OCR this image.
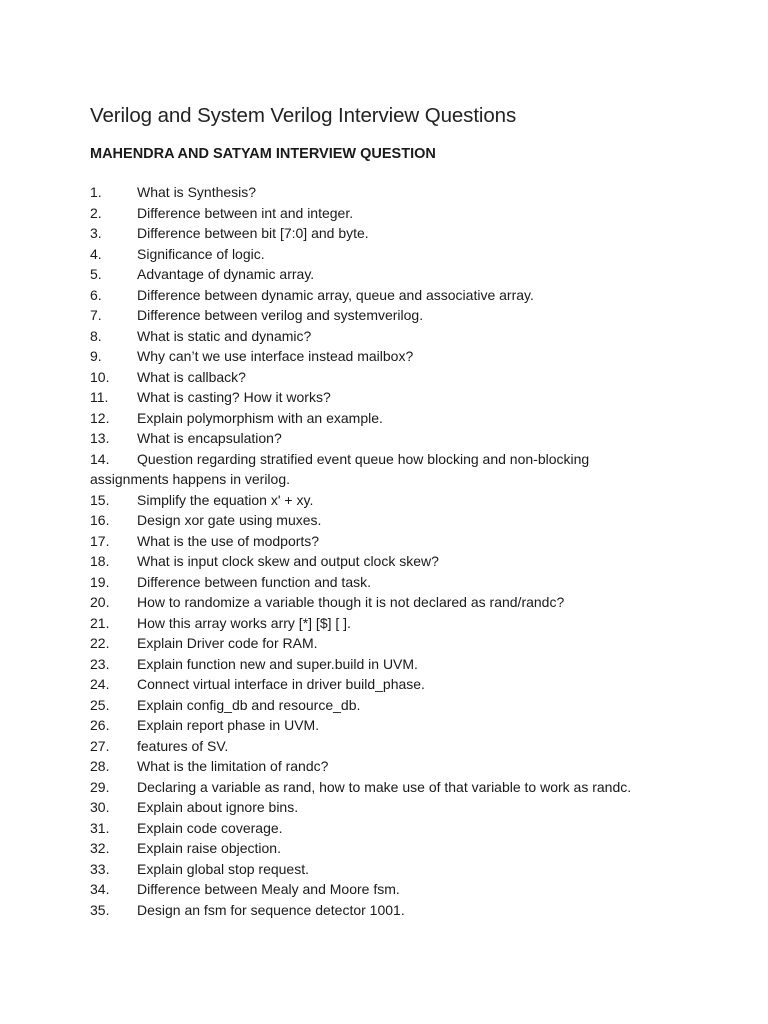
Verilog and System Verilog Interview Questions
MAHENDRA AND SATYAM INTERVIEW QUESTION
1.	What is Synthesis?
2.	Difference between int and integer.
3.	Difference between bit [7:0] and byte.
4.	Significance of logic.
5.	Advantage of dynamic array.
6.	Difference between dynamic array, queue and associative array.
7.	Difference between verilog and systemverilog.
8.	What is static and dynamic?
9.	Why can’t we use interface instead mailbox?
10.	What is callback?
11.	What is casting? How it works?
12.	Explain polymorphism with an example.
13.	What is encapsulation?
14.	Question regarding stratified event queue how blocking and non-blocking
assignments happens in verilog.
15.	Simplify the equation x' + xy.
16.	Design xor gate using muxes.
17.	What is the use of modports?
18.	What is input clock skew and output clock skew?
19.	Difference between function and task.
20.	How to randomize a variable though it is not declared as rand/randc?
21.	How this array works arry [*] [$] [ ].
22.	Explain Driver code for RAM.
23.	Explain function new and super.build in UVM.
24.	Connect virtual interface in driver build_phase.
25.	Explain config_db and resource_db.
26.	Explain report phase in UVM.
27.	features of SV.
28.	What is the limitation of randc?
29.	Declaring a variable as rand, how to make use of that variable to work as randc.
30.	Explain about ignore bins.
31.	Explain code coverage.
32.	Explain raise objection.
33.	Explain global stop request.
34.	Difference between Mealy and Moore fsm.
35.	Design an fsm for sequence detector 1001.
